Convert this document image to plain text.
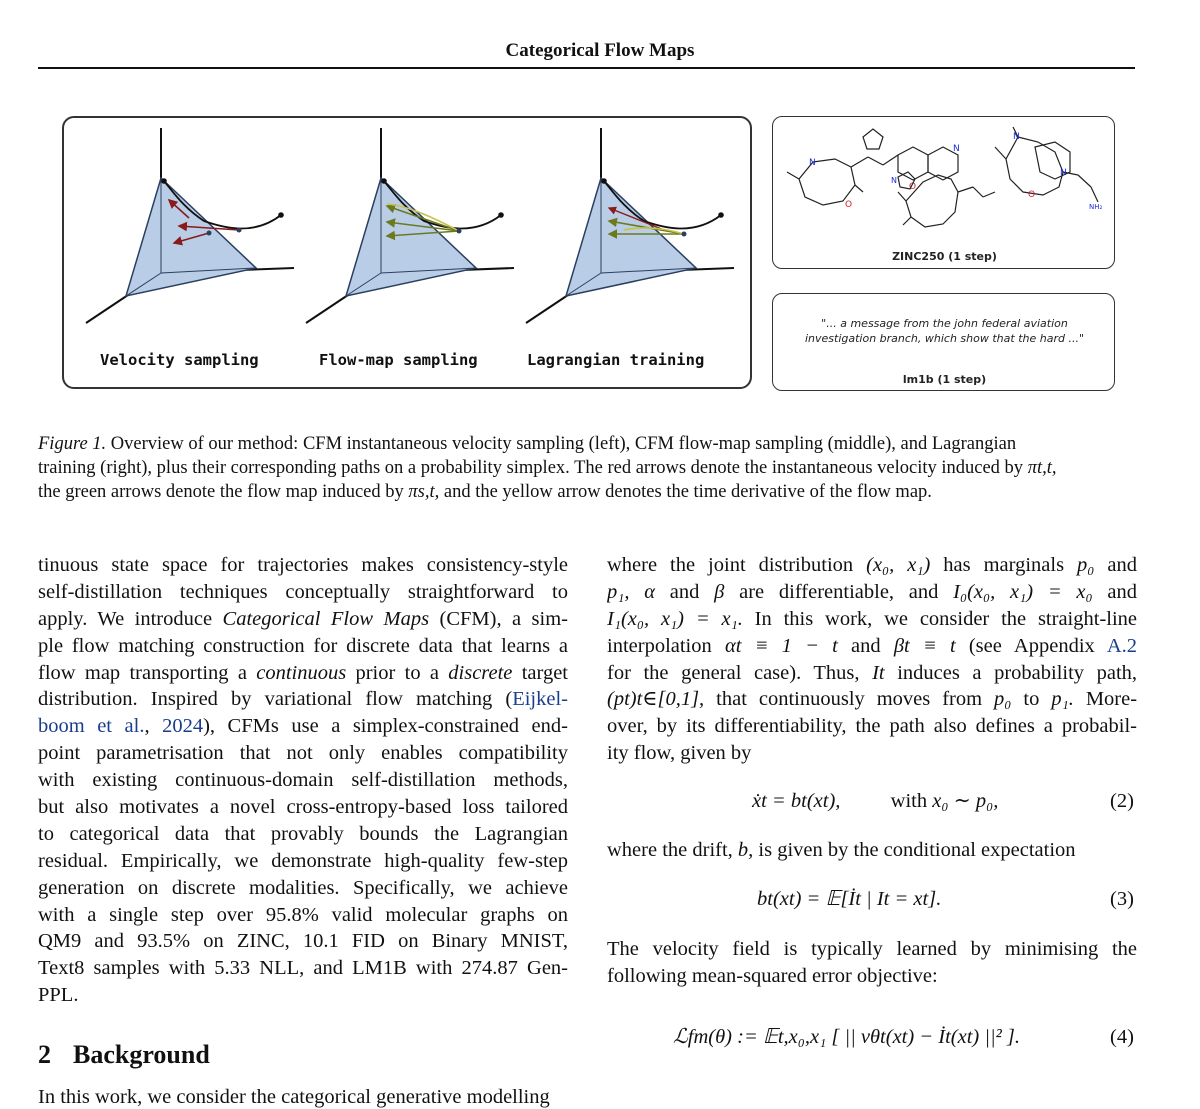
Categorical Flow Maps
Velocity sampling	Flow-map sampling	Lagrangian training
N
O
O
N
N
N
O
N
NH₂
ZINC250 (1 step)
"... a message from the john federal aviation
investigation branch, which show that the hard ..."
lm1b (1 step)
Figure 1. Overview of our method: CFM instantaneous velocity sampling (left), CFM flow-map sampling (middle), and Lagrangian
training (right), plus their corresponding paths on a probability simplex. The red arrows denote the instantaneous velocity induced by πt,t,
the green arrows denote the flow map induced by πs,t, and the yellow arrow denotes the time derivative of the flow map.
tinuous state space for trajectories makes consistency-style
self-distillation techniques conceptually straightforward to
apply. We introduce Categorical Flow Maps (CFM), a sim-
ple flow matching construction for discrete data that learns a
flow map transporting a continuous prior to a discrete target
distribution. Inspired by variational flow matching (Eijkel-
boom et al., 2024), CFMs use a simplex-constrained end-
point parametrisation that not only enables compatibility
with existing continuous-domain self-distillation methods,
but also motivates a novel cross-entropy-based loss tailored
to categorical data that provably bounds the Lagrangian
residual. Empirically, we demonstrate high-quality few-step
generation on discrete modalities. Specifically, we achieve
with a single step over 95.8% valid molecular graphs on
QM9 and 93.5% on ZINC, 10.1 FID on Binary MNIST,
Text8 samples with 5.33 NLL, and LM1B with 274.87 Gen-
PPL.
where the joint distribution (x₀, x₁) has marginals p₀ and
p₁, α and β are differentiable, and I₀(x₀, x₁) = x₀ and
I₁(x₀, x₁) = x₁. In this work, we consider the straight-line
interpolation αt ≡ 1 − t and βt ≡ t (see Appendix A.2
for the general case). Thus, It induces a probability path,
(pt)t∈[0,1], that continuously moves from p₀ to p₁. More-
over, by its differentiability, the path also defines a probabil-
ity flow, given by
ẋt = bt(xt), with x₀ ∼ p₀,	(2)
where the drift, b, is given by the conditional expectation
bt(xt) = 𝔼[İt | It = xt].	(3)
The velocity field is typically learned by minimising the
following mean-squared error objective:
ℒfm(θ) := 𝔼t,x₀,x₁ [ || vθt(xt) − İt(xt) ||² ].	(4)
2 Background
In this work, we consider the categorical generative modelling
